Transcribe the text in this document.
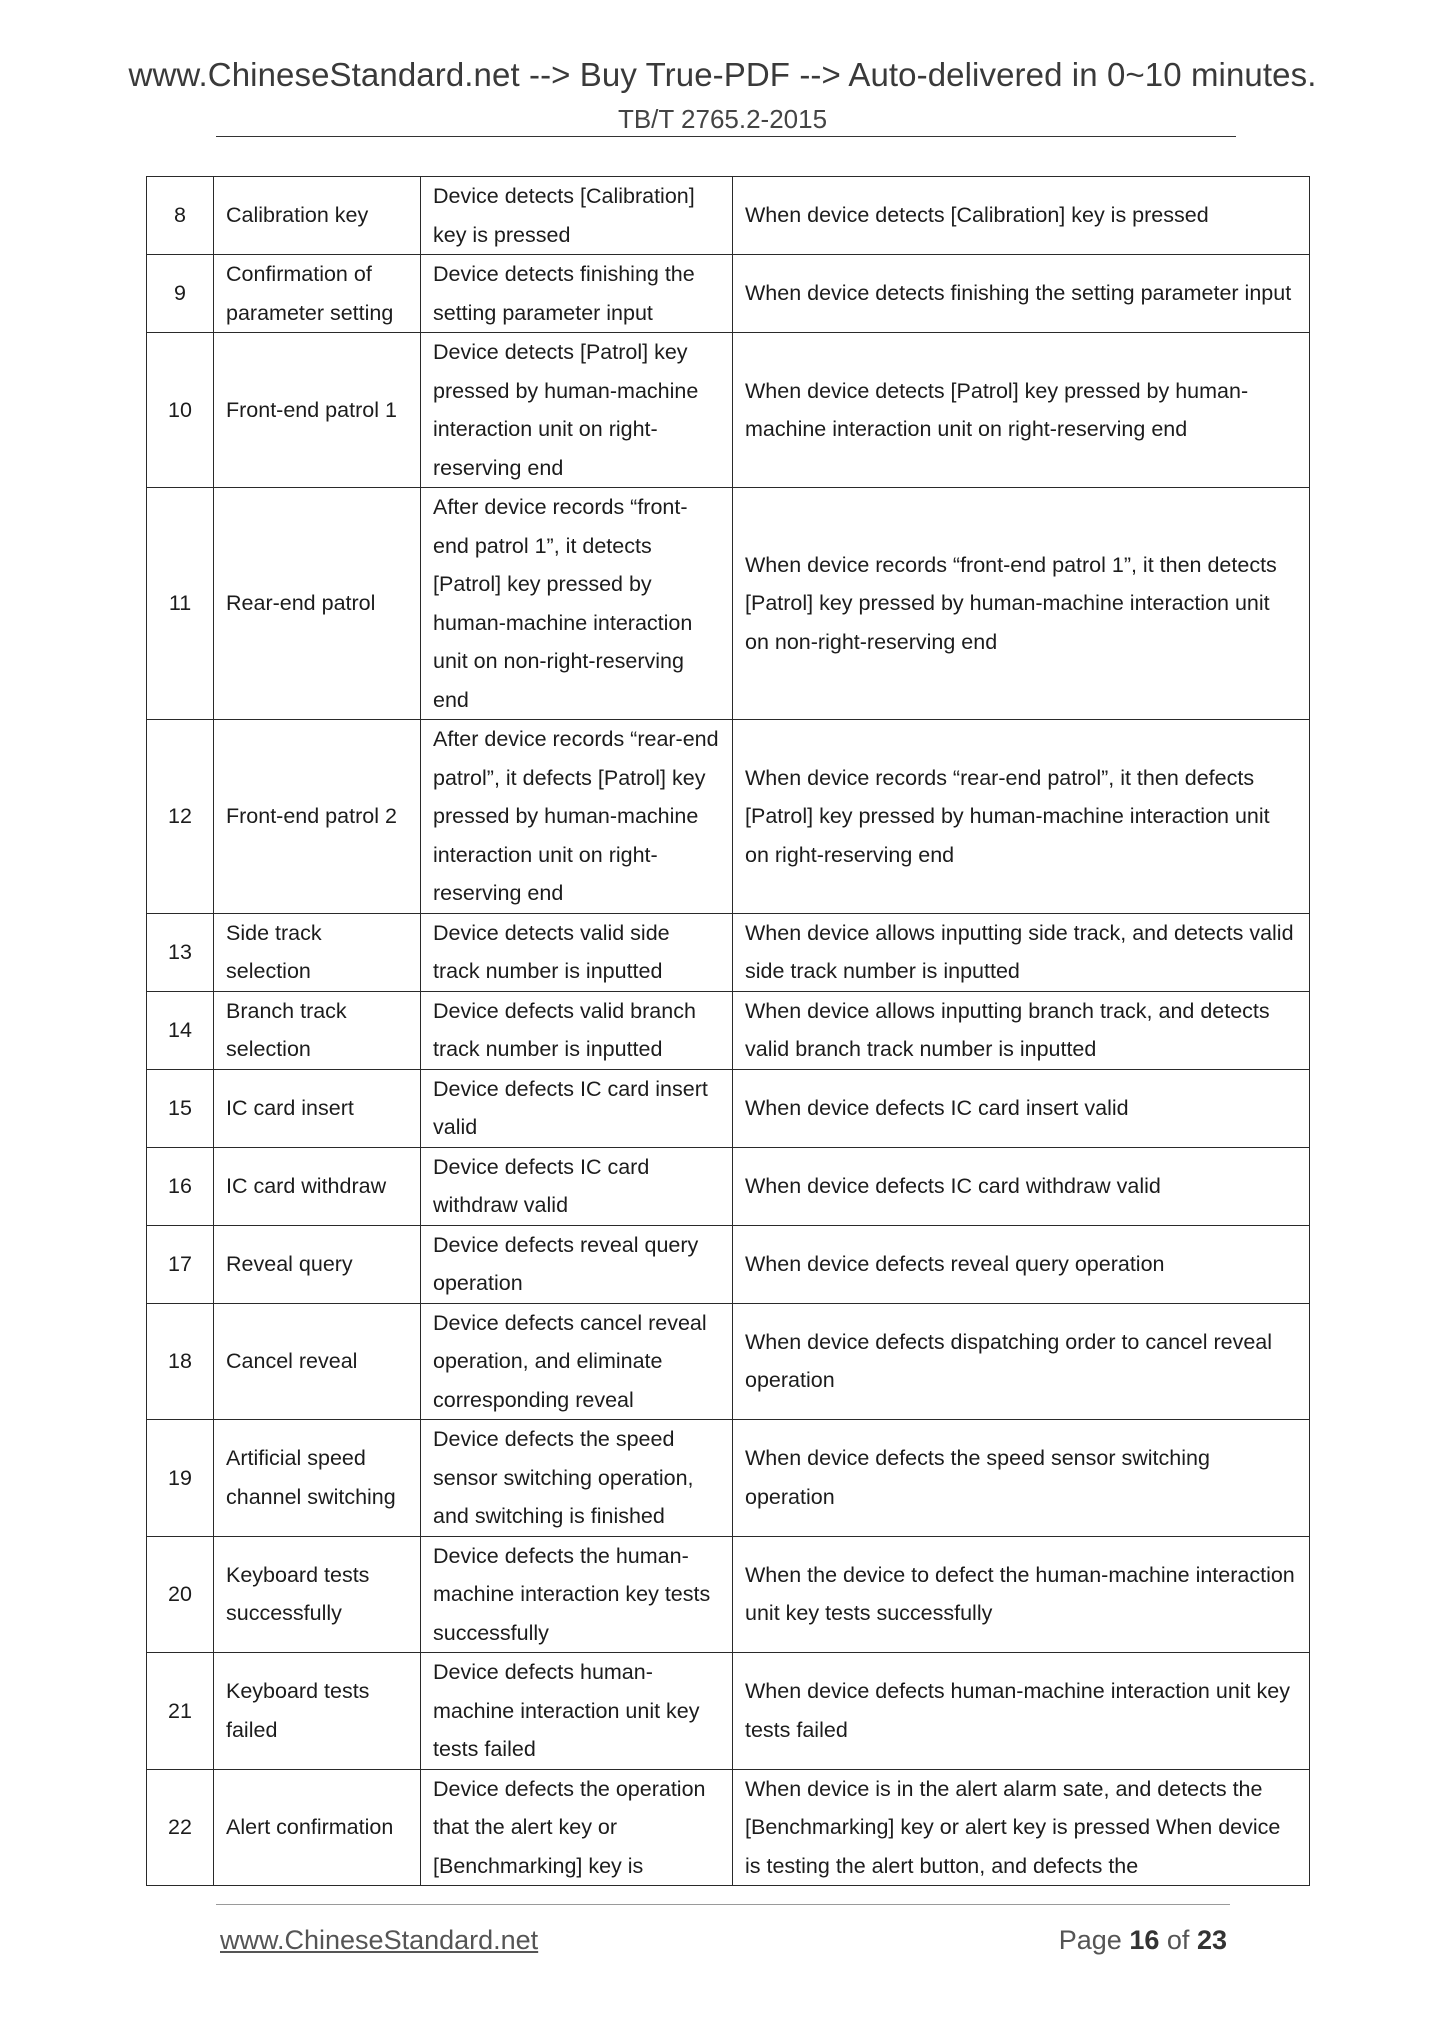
www.ChineseStandard.net --> Buy True-PDF --> Auto-delivered in 0~10 minutes.
TB/T 2765.2-2015
8	Calibration key	Device detects [Calibration] key is pressed	When device detects [Calibration] key is pressed
9	Confirmation of parameter setting	Device detects finishing the setting parameter input	When device detects finishing the setting parameter input
10	Front-end patrol 1	Device detects [Patrol] key pressed by human-machine interaction unit on right-reserving end	When device detects [Patrol] key pressed by human-machine interaction unit on right-reserving end
11	Rear-end patrol	After device records “front-end patrol 1”, it detects [Patrol] key pressed by human-machine interaction unit on non-right-reserving end	When device records “front-end patrol 1”, it then detects [Patrol] key pressed by human-machine interaction unit on non-right-reserving end
12	Front-end patrol 2	After device records “rear-end patrol”, it defects [Patrol] key pressed by human-machine interaction unit on right-reserving end	When device records “rear-end patrol”, it then defects [Patrol] key pressed by human-machine interaction unit on right-reserving end
13	Side track selection	Device detects valid side track number is inputted	When device allows inputting side track, and detects valid side track number is inputted
14	Branch track selection	Device defects valid branch track number is inputted	When device allows inputting branch track, and detects valid branch track number is inputted
15	IC card insert	Device defects IC card insert valid	When device defects IC card insert valid
16	IC card withdraw	Device defects IC card withdraw valid	When device defects IC card withdraw valid
17	Reveal query	Device defects reveal query operation	When device defects reveal query operation
18	Cancel reveal	Device defects cancel reveal operation, and eliminate corresponding reveal	When device defects dispatching order to cancel reveal operation
19	Artificial speed channel switching	Device defects the speed sensor switching operation, and switching is finished	When device defects the speed sensor switching operation
20	Keyboard tests successfully	Device defects the human-machine interaction key tests successfully	When the device to defect the human-machine interaction unit key tests successfully
21	Keyboard tests failed	Device defects human-machine interaction unit key tests failed	When device defects human-machine interaction unit key tests failed
22	Alert confirmation	Device defects the operation that the alert key or [Benchmarking] key is	When device is in the alert alarm sate, and detects the [Benchmarking] key or alert key is pressed When device is testing the alert button, and defects the
www.ChineseStandard.net	Page 16 of 23
